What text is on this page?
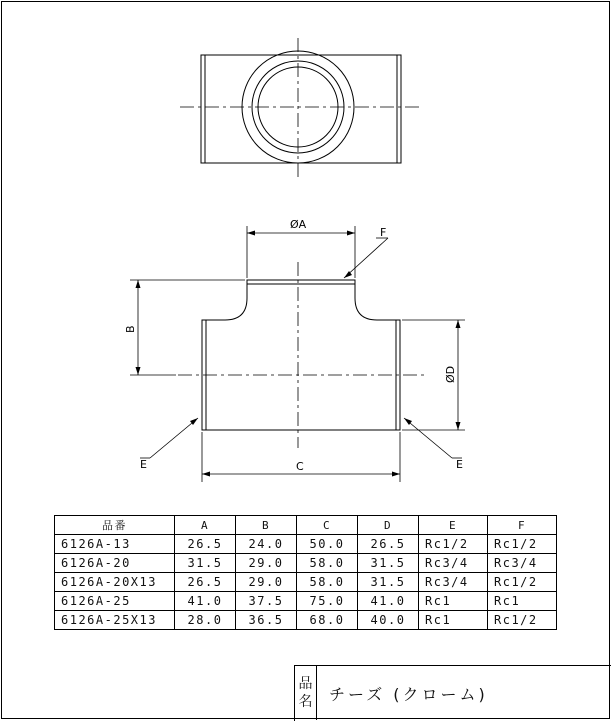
ØA
F
B
ØD
C
E	E
品番	A	B	C	D	E	F
6126A-13	26.5	24.0	50.0	26.5	Rc1/2	Rc1/2
6126A-20	31.5	29.0	58.0	31.5	Rc3/4	Rc3/4
6126A-20X13	26.5	29.0	58.0	31.5	Rc3/4	Rc1/2
6126A-25	41.0	37.5	75.0	41.0	Rc1	Rc1
6126A-25X13	28.0	36.5	68.0	40.0	Rc1	Rc1/2
品名 チーズ (クローム)
